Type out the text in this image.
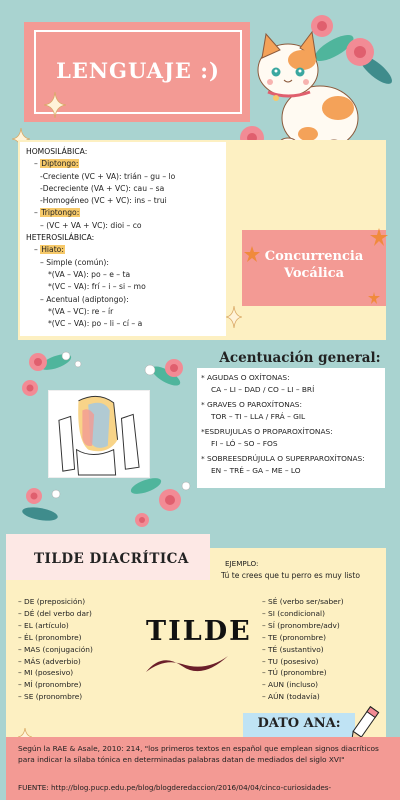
LENGUAJE :)
HOMOSILÁBICA:
– Diptongo:
-Creciente (VC + VA): trián – gu – lo
-Decreciente (VA + VC): cau – sa
-Homogéneo (VC + VC): ins – trui
– Triptongo:
– (VC + VA + VC): dioi – co
HETEROSILÁBICA:
– Hiato:
– Simple (común):
*(VA – VA): po – e – ta
*(VC – VA): frí – i – si – mo
– Acentual (adiptongo):
*(VA – VC): re – ír
*(VC – VA): po – li – cí – a
Concurrencia
Vocálica
Acentuación general:
* AGUDAS O OXÍTONAS:
CA – LI – DAD / CO – LI – BRÍ
* GRAVES O PAROXÍTONAS:
TOR – TI – LLA / FRÁ – GIL
*ESDRUJULAS O PROPAROXÍTONAS:
FI – LÓ – SO – FOS
* SOBREESDRÚJULA O SUPERPAROXÍTONAS:
EN – TRÉ – GA – ME – LO
TILDE DIACRÍTICA	EJEMPLO:
Tú te crees que tu perro es muy listo
– DE (preposición)
– DÉ (del verbo dar)
– EL (artículo)
– ÉL (pronombre)
– MAS (conjugación)
– MÁS (adverbio)
– MI (posesivo)
– MÍ (pronombre)
– SE (pronombre)
– SÉ (verbo ser/saber)
– SI (condicional)
– SÍ (pronombre/adv)
– TE (pronombre)
– TÉ (sustantivo)
– TU (posesivo)
– TÚ (pronombre)
– AUN (incluso)
– AÚN (todavía)
TILDE
DATO ANA:
Según la RAE & Asale, 2010: 214, "los primeros textos en español que emplean signos diacríticos para indicar la sílaba tónica en determinadas palabras datan de mediados del siglo XVI"
FUENTE: http://blog.pucp.edu.pe/blog/blogderedaccion/2016/04/04/cinco-curiosidades-
